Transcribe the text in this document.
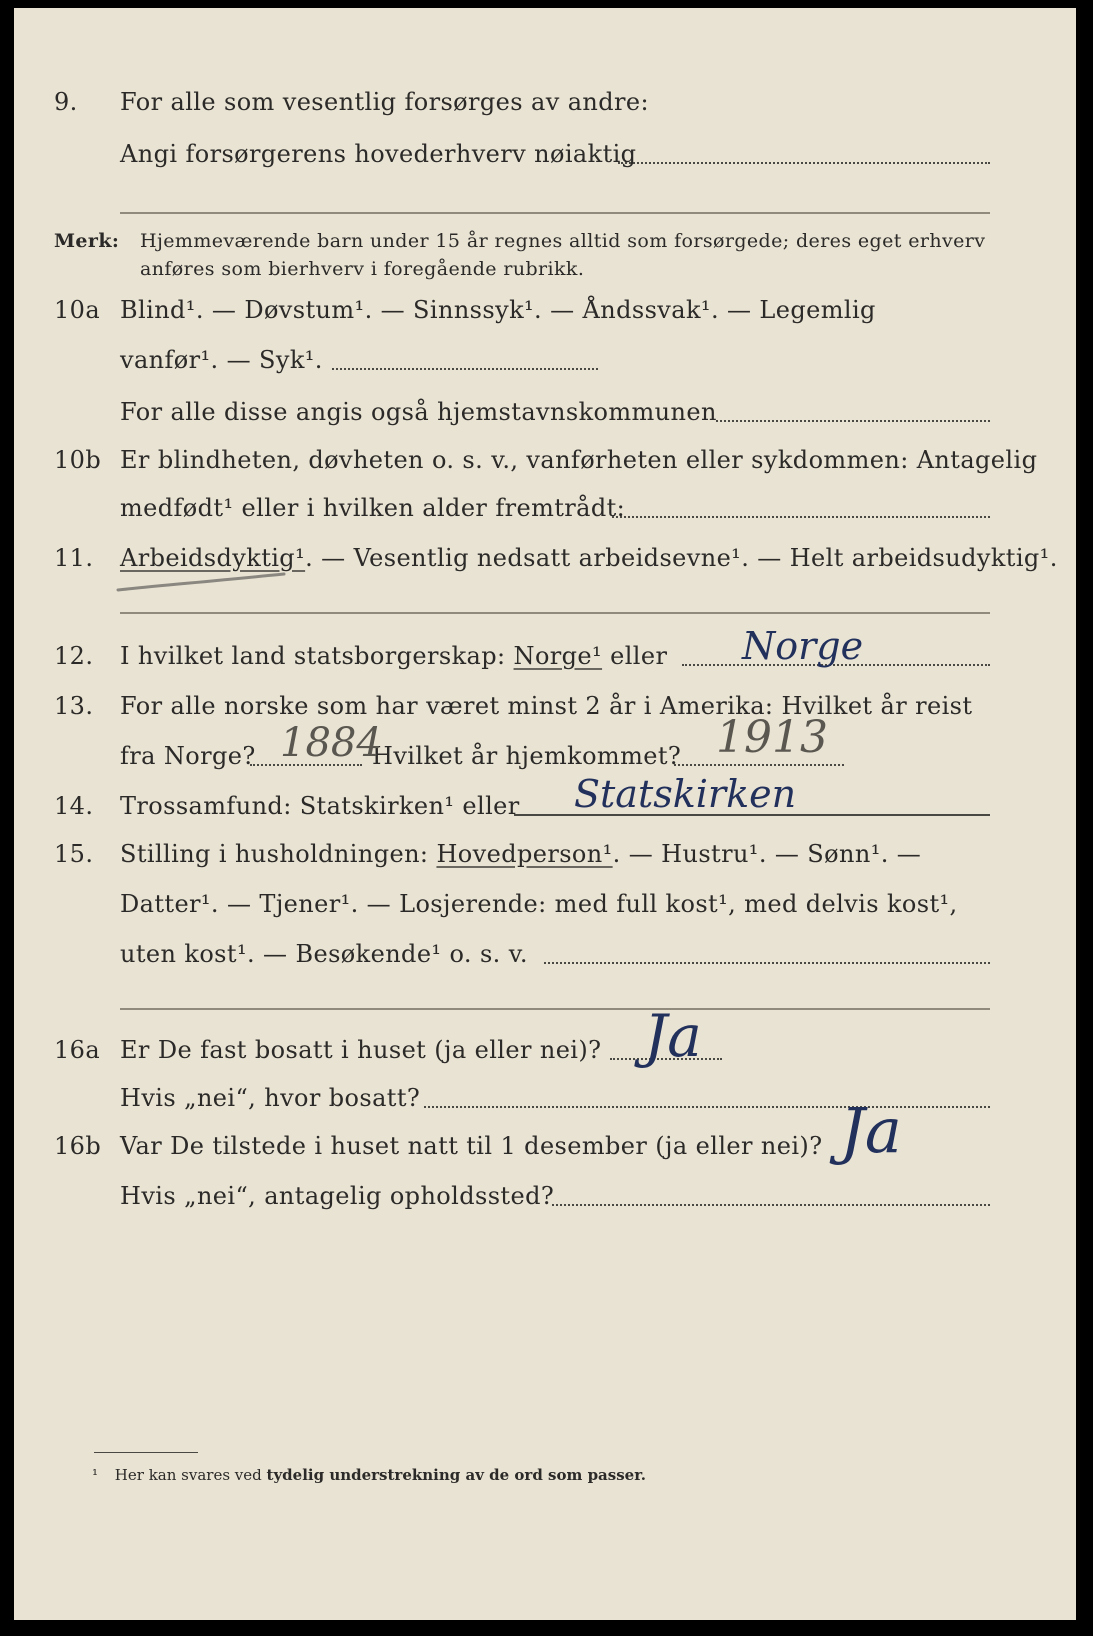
9.	For alle som vesentlig forsørges av andre:
Angi forsørgerens hovederhverv nøiaktig
Merk: Hjemmeværende barn under 15 år regnes alltid som forsørgede; deres eget erhverv
anføres som bierhverv i foregående rubrikk.
10a Blind¹. — Døvstum¹. — Sinnssyk¹. — Åndssvak¹. — Legemlig
vanfør¹. — Syk¹.
For alle disse angis også hjemstavnskommunen
10b Er blindheten, døvheten o. s. v., vanførheten eller sykdommen: Antagelig
medfødt¹ eller i hvilken alder fremtrådt:
11.	Arbeidsdyktig¹. — Vesentlig nedsatt arbeidsevne¹. — Helt arbeidsudyktig¹.
12.	I hvilket land statsborgerskap: Norge¹ eller Norge
13.	For alle norske som har været minst 2 år i Amerika: Hvilket år reist
fra Norge?	Hvilket år hjemkommet?
1884	1913
14.	Trossamfund: Statskirken¹ eller Statskirken
15.	Stilling i husholdningen: Hovedperson¹. — Hustru¹. — Sønn¹. —
Datter¹. — Tjener¹. — Losjerende: med full kost¹, med delvis kost¹,
uten kost¹. — Besøkende¹ o. s. v.
16a Er De fast bosatt i huset (ja eller nei)? Ja
Hvis „nei“, hvor bosatt?
16b Var De tilstede i huset natt til 1 desember (ja eller nei)? Ja
Hvis „nei“, antagelig opholdssted?
¹ Her kan svares ved tydelig understrekning av de ord som passer.
